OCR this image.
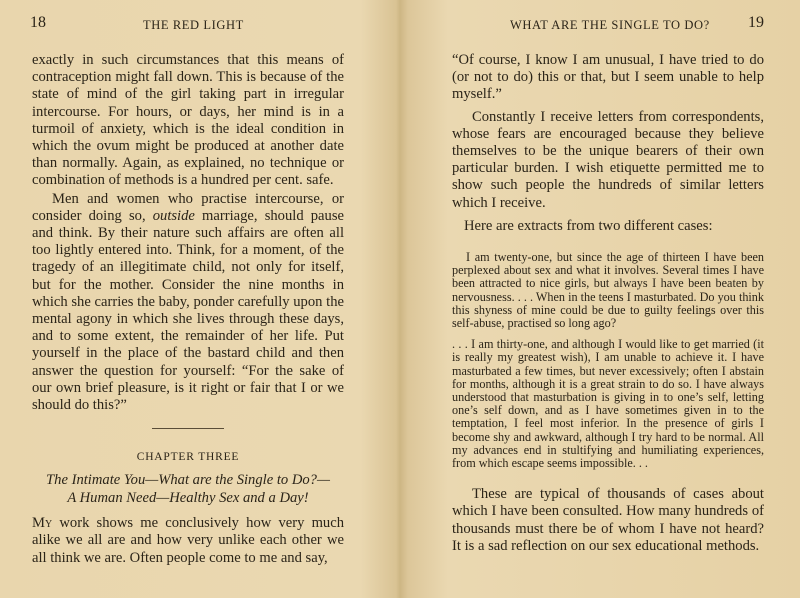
18	THE RED LIGHT

exactly in such circumstances that this means of contraception might fall down. This is because of the state of mind of the girl taking part in irregular intercourse. For hours, or days, her mind is in a turmoil of anxiety, which is the ideal condition in which the ovum might be produced at another date than normally. Again, as explained, no technique or combination of methods is a hundred per cent. safe.

Men and women who practise intercourse, or consider doing so, outside marriage, should pause and think. By their nature such affairs are often all too lightly entered into. Think, for a moment, of the tragedy of an illegitimate child, not only for itself, but for the mother. Consider the nine months in which she carries the baby, ponder carefully upon the mental agony in which she lives through these days, and to some extent, the remainder of her life. Put yourself in the place of the bastard child and then answer the question for yourself: “For the sake of our own brief pleasure, is it right or fair that I or we should do this?”

CHAPTER THREE
The Intimate You—What are the Single to Do?—
A Human Need—Healthy Sex and a Day!

My work shows me conclusively how very much alike we all are and how very unlike each other we all think we are. Often people come to me and say,

WHAT ARE THE SINGLE TO DO? 19

“Of course, I know I am unusual, I have tried to do (or not to do) this or that, but I seem unable to help myself.”

Constantly I receive letters from correspondents, whose fears are encouraged because they believe themselves to be the unique bearers of their own particular burden. I wish etiquette permitted me to show such people the hundreds of similar letters which I receive.

Here are extracts from two different cases:

I am twenty-one, but since the age of thirteen I have been perplexed about sex and what it involves. Several times I have been attracted to nice girls, but always I have been beaten by nervousness. . . . When in the teens I masturbated. Do you think this shyness of mine could be due to guilty feelings over this self-abuse, practised so long ago?
. . . I am thirty-one, and although I would like to get married (it is really my greatest wish), I am unable to achieve it. I have masturbated a few times, but never excessively; often I abstain for months, although it is a great strain to do so. I have always understood that masturbation is giving in to one’s self, letting one’s self down, and as I have sometimes given in to the temptation, I feel most inferior. In the presence of girls I become shy and awkward, although I try hard to be normal. All my advances end in stultifying and humiliating experiences, from which escape seems impossible. . .

These are typical of thousands of cases about which I have been consulted. How many hundreds of thousands must there be of whom I have not heard? It is a sad reflection on our sex educational methods.
